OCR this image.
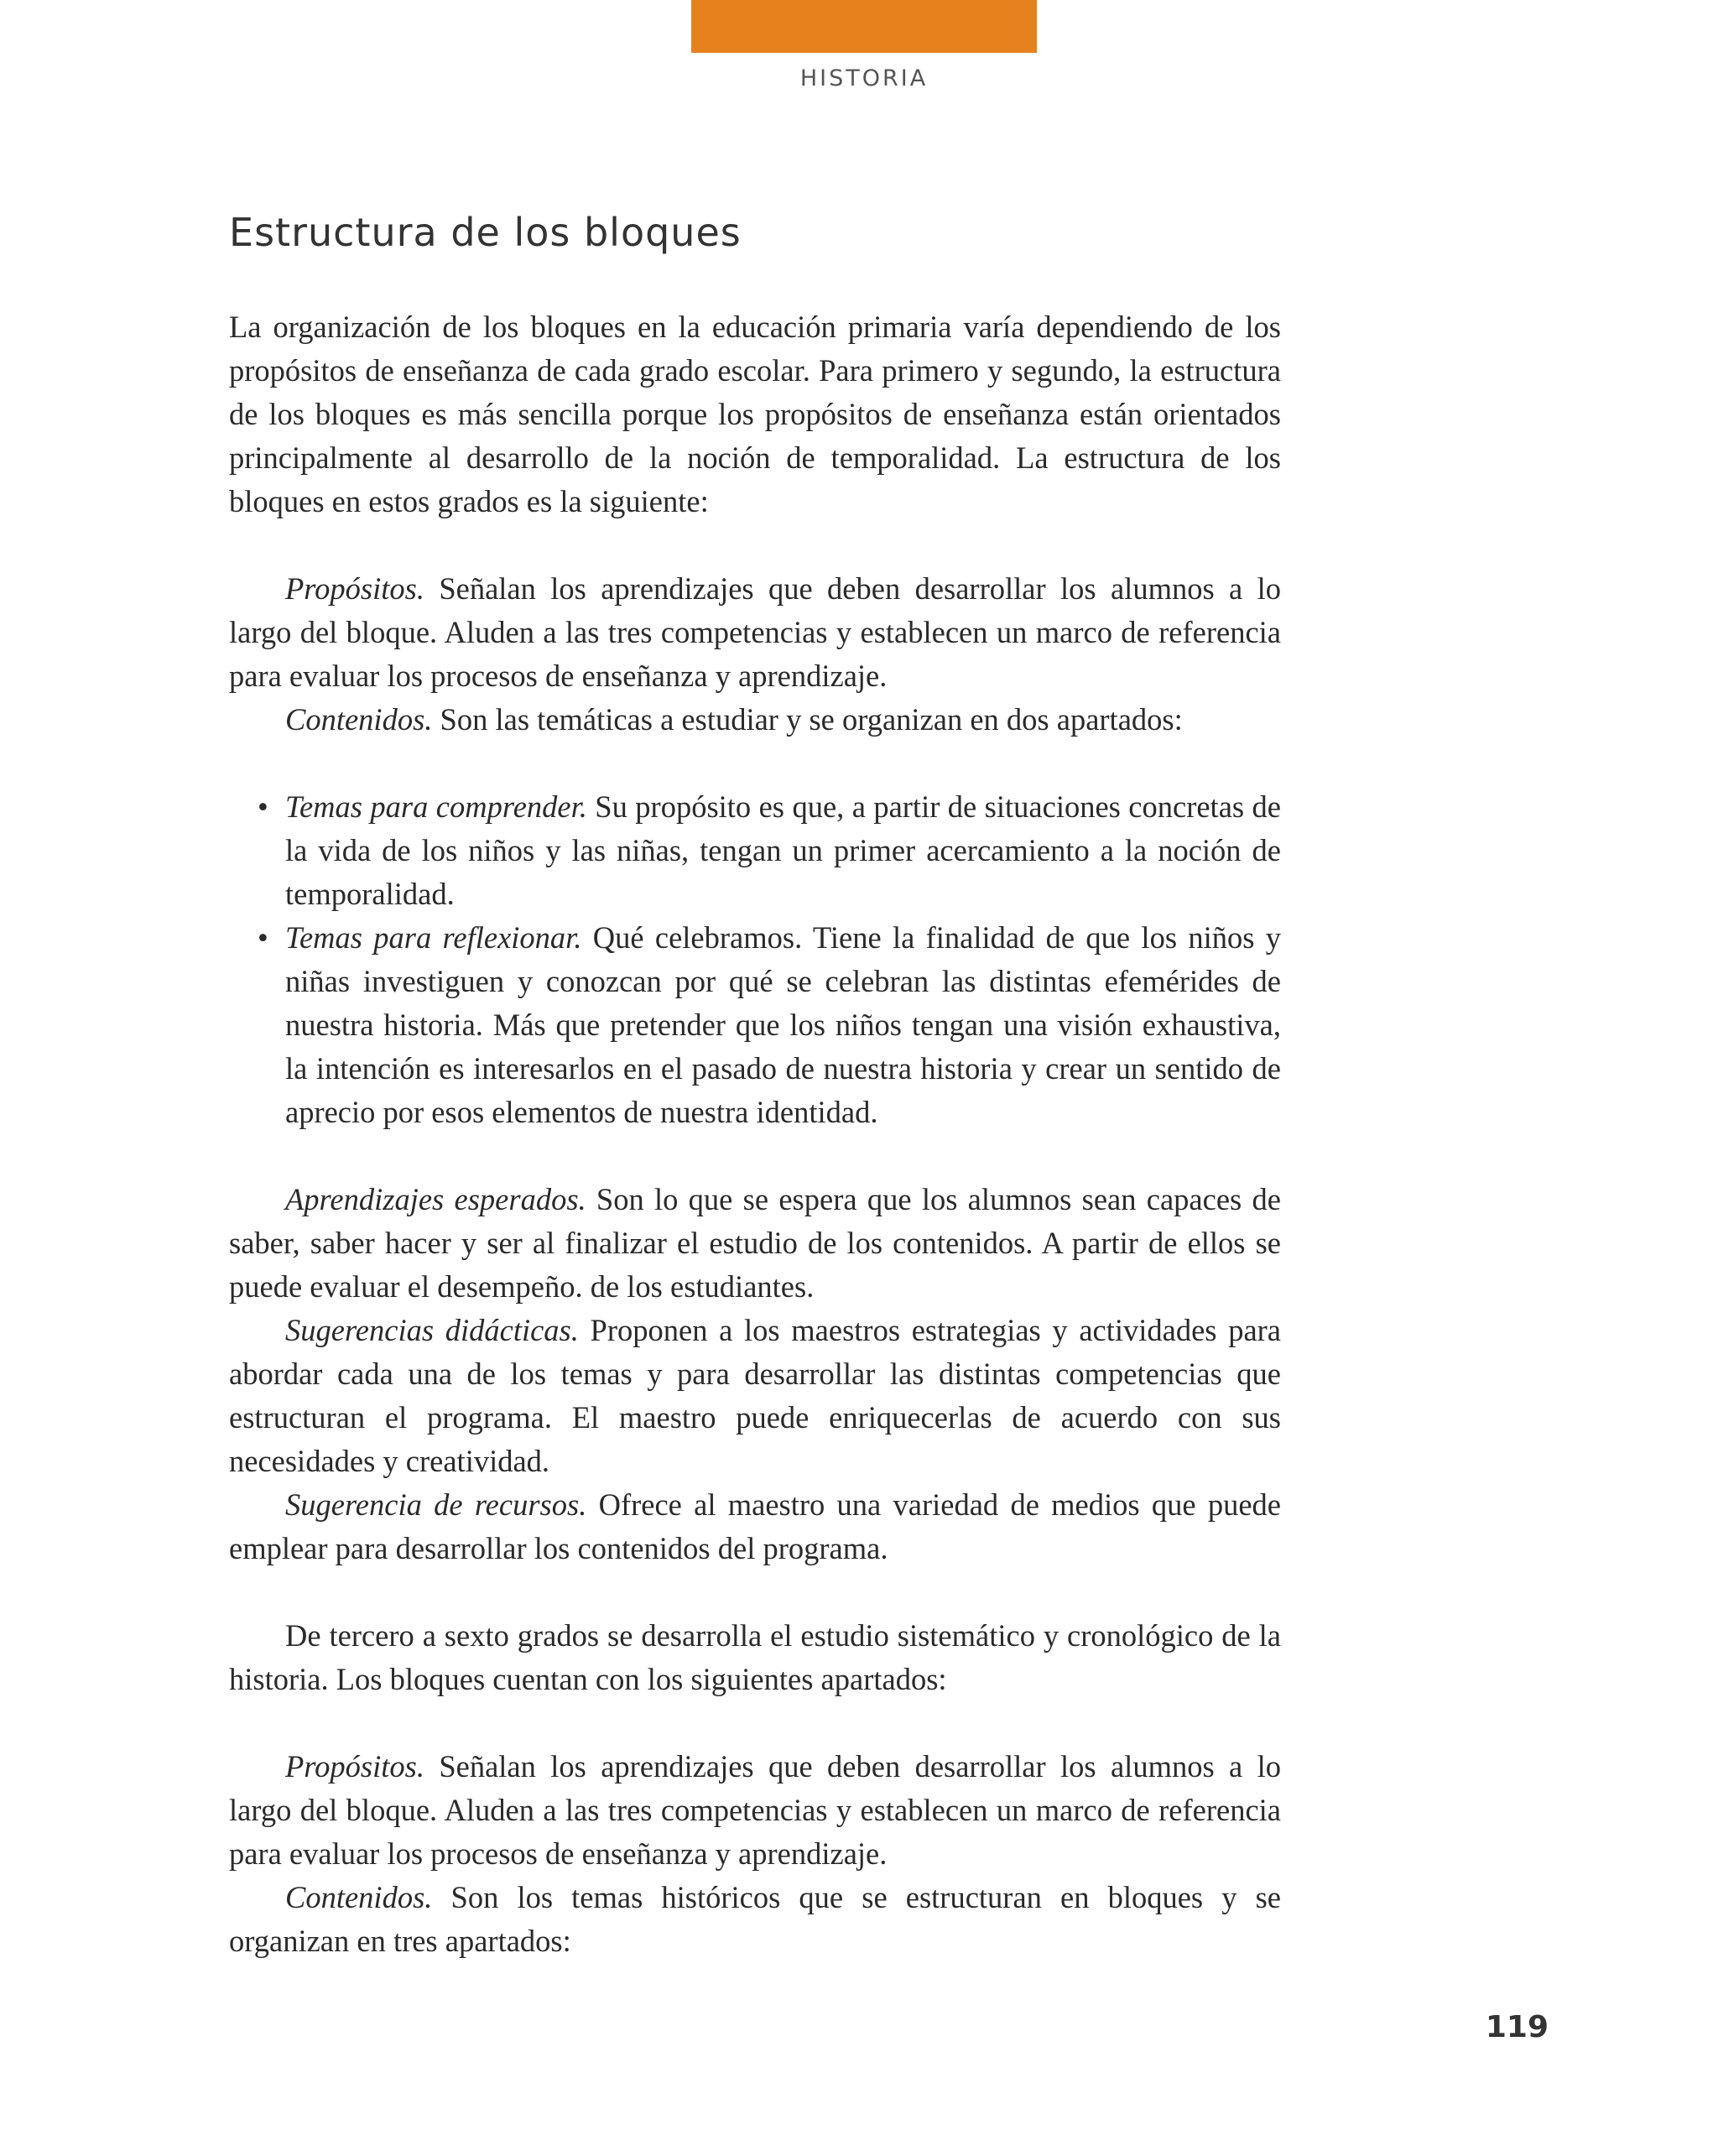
HISTORIA
Estructura de los bloques

La organización de los bloques en la educación primaria varía dependiendo de los propósitos de enseñanza de cada grado escolar. Para primero y segundo, la estructura de los bloques es más sencilla porque los propósitos de enseñanza están orientados principalmente al desarrollo de la noción de temporalidad. La estructura de los bloques en estos grados es la siguiente:

Propósitos. Señalan los aprendizajes que deben desarrollar los alumnos a lo largo del bloque. Aluden a las tres competencias y establecen un marco de referencia para evaluar los procesos de enseñanza y aprendizaje.

Contenidos. Son las temáticas a estudiar y se organizan en dos apartados:

• Temas para comprender. Su propósito es que, a partir de situaciones concretas de la vida de los niños y las niñas, tengan un primer acercamiento a la noción de temporalidad.
• Temas para reflexionar. Qué celebramos. Tiene la finalidad de que los niños y niñas investiguen y conozcan por qué se celebran las distintas efemérides de nuestra historia. Más que pretender que los niños tengan una visión exhaustiva, la intención es interesarlos en el pasado de nuestra historia y crear un sentido de aprecio por esos elementos de nuestra identidad.

Aprendizajes esperados. Son lo que se espera que los alumnos sean capaces de saber, saber hacer y ser al finalizar el estudio de los contenidos. A partir de ellos se puede evaluar el desempeño. de los estudiantes.

Sugerencias didácticas. Proponen a los maestros estrategias y actividades para abordar cada una de los temas y para desarrollar las distintas competencias que estructuran el programa. El maestro puede enriquecerlas de acuerdo con sus necesidades y creatividad.

Sugerencia de recursos. Ofrece al maestro una variedad de medios que puede emplear para desarrollar los contenidos del programa.

De tercero a sexto grados se desarrolla el estudio sistemático y cronológico de la historia. Los bloques cuentan con los siguientes apartados:

Propósitos. Señalan los aprendizajes que deben desarrollar los alumnos a lo largo del bloque. Aluden a las tres competencias y establecen un marco de referencia para evaluar los procesos de enseñanza y aprendizaje.

Contenidos. Son los temas históricos que se estructuran en bloques y se organizan en tres apartados:

119
